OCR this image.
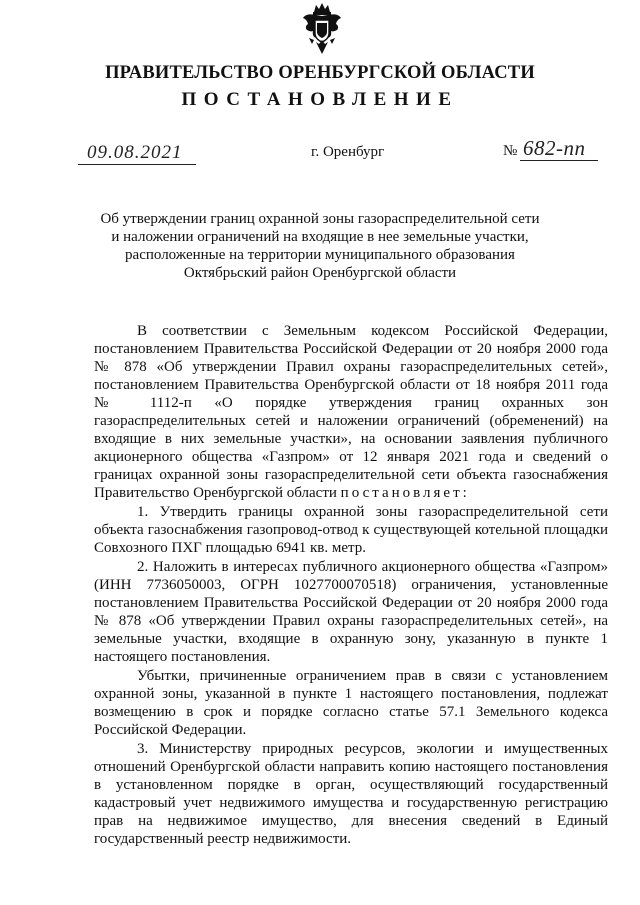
ПРАВИТЕЛЬСТВО ОРЕНБУРГСКОЙ ОБЛАСТИ
ПОСТАНОВЛЕНИЕ
09.08.2021	г. Оренбург	№ 682-пп

Об утверждении границ охранной зоны газораспределительной сети

и наложении ограничений на входящие в нее земельные участки,

расположенные на территории муниципального образования

Октябрьский район Оренбургской области

В соответствии с Земельным кодексом Российской Федерации, постановлением Правительства Российской Федерации от 20 ноября 2000 года № 878 «Об утверждении Правил охраны газораспределительных сетей», постановлением Правительства Оренбургской области от 18 ноября 2011 года № 1112-п «О порядке утверждения границ охранных зон газораспределительных сетей и наложении ограничений (обременений) на входящие в них земельные участки», на основании заявления публичного акционерного общества «Газпром» от 12 января 2021 года и сведений о границах охранной зоны газораспределительной сети объекта газоснабжения Правительство Оренбургской области постановляет:

1. Утвердить границы охранной зоны газораспределительной сети объекта газоснабжения газопровод-отвод к существующей котельной площадки Совхозного ПХГ площадью 6941 кв. метр.

2. Наложить в интересах публичного акционерного общества «Газпром» (ИНН 7736050003, ОГРН 1027700070518) ограничения, установленные постановлением Правительства Российской Федерации от 20 ноября 2000 года № 878 «Об утверждении Правил охраны газораспределительных сетей», на земельные участки, входящие в охранную зону, указанную в пункте 1 настоящего постановления.

Убытки, причиненные ограничением прав в связи с установлением охранной зоны, указанной в пункте 1 настоящего постановления, подлежат возмещению в срок и порядке согласно статье 57.1 Земельного кодекса Российской Федерации.

3. Министерству природных ресурсов, экологии и имущественных отношений Оренбургской области направить копию настоящего постановления в установленном порядке в орган, осуществляющий государственный кадастровый учет недвижимого имущества и государственную регистрацию прав на недвижимое имущество, для внесения сведений в Единый государственный реестр недвижимости.
